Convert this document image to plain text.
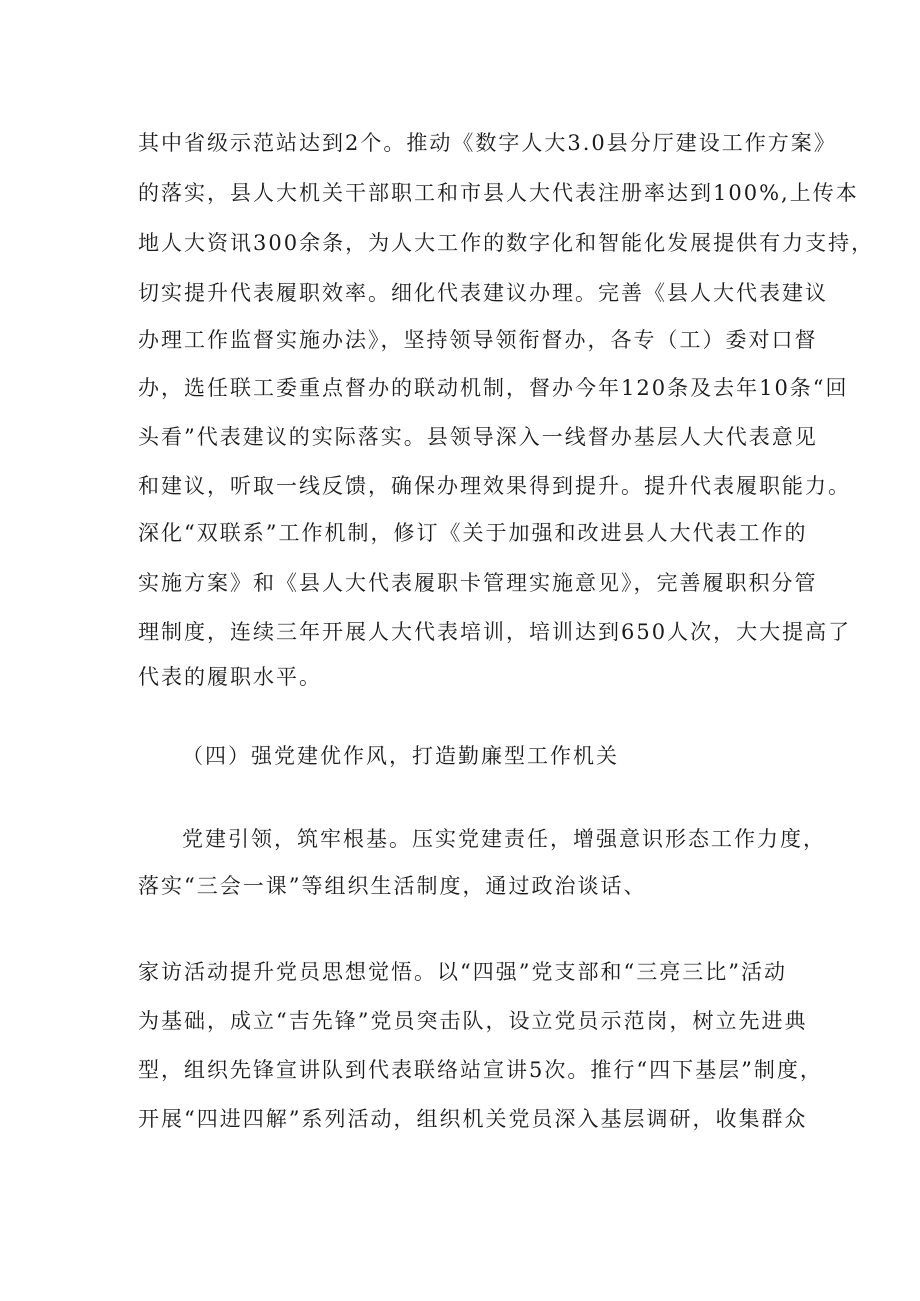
其中省级示范站达到2个。推动《数字人大3.0县分厅建设工作方案》
的落实，县人大机关干部职工和市县人大代表注册率达到100%,上传本
地人大资讯300余条，为人大工作的数字化和智能化发展提供有力支持，
切实提升代表履职效率。细化代表建议办理。完善《县人大代表建议
办理工作监督实施办法》，坚持领导领衔督办，各专（工）委对口督
办，选任联工委重点督办的联动机制，督办今年120条及去年10条“回
头看”代表建议的实际落实。县领导深入一线督办基层人大代表意见
和建议，听取一线反馈，确保办理效果得到提升。提升代表履职能力。
深化“双联系”工作机制，修订《关于加强和改进县人大代表工作的
实施方案》和《县人大代表履职卡管理实施意见》，完善履职积分管
理制度，连续三年开展人大代表培训，培训达到650人次，大大提高了
代表的履职水平。
（四）强党建优作风，打造勤廉型工作机关
党建引领，筑牢根基。压实党建责任，增强意识形态工作力度，
落实“三会一课”等组织生活制度，通过政治谈话、
家访活动提升党员思想觉悟。以“四强”党支部和“三亮三比”活动
为基础，成立“吉先锋”党员突击队，设立党员示范岗，树立先进典
型，组织先锋宣讲队到代表联络站宣讲5次。推行“四下基层”制度，
开展“四进四解”系列活动，组织机关党员深入基层调研，收集群众
